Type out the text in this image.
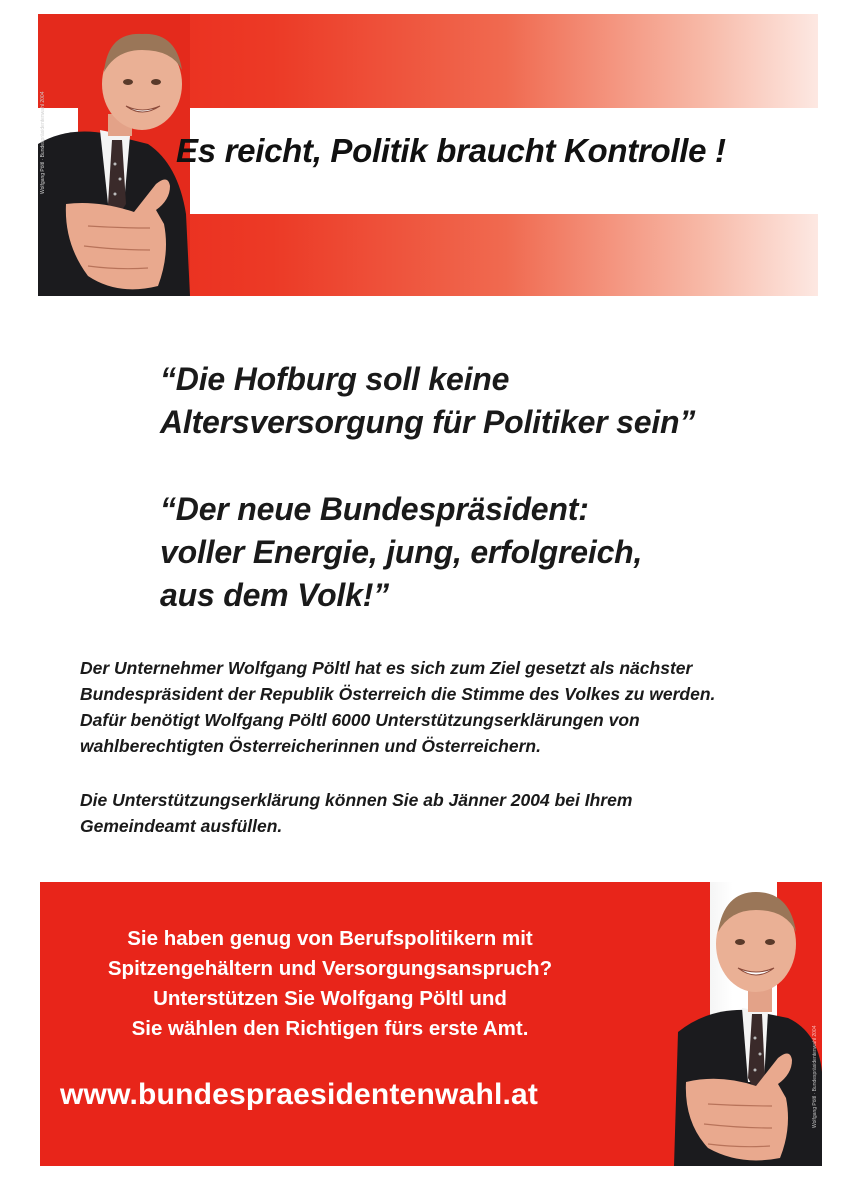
Wolfgang Pöltl · Bundespräsidentenwahl 2004	Es reicht, Politik braucht Kontrolle !
“Die Hofburg soll keine
Altersversorgung für Politiker sein”
“Der neue Bundespräsident:
voller Energie, jung, erfolgreich,
aus dem Volk!”
Der Unternehmer Wolfgang Pöltl hat es sich zum Ziel gesetzt als nächster
Bundespräsident der Republik Österreich die Stimme des Volkes zu werden.
Dafür benötigt Wolfgang Pöltl 6000 Unterstützungserklärungen von
wahlberechtigten Österreicherinnen und Österreichern.
Die Unterstützungserklärung können Sie ab Jänner 2004 bei Ihrem
Gemeindeamt ausfüllen.
Wolfgang Pöltl · Bundespräsidentenwahl 2004
Sie haben genug von Berufspolitikern mit
Spitzengehältern und Versorgungsanspruch?
Unterstützen Sie Wolfgang Pöltl und
Sie wählen den Richtigen fürs erste Amt.
www.bundespraesidentenwahl.at
